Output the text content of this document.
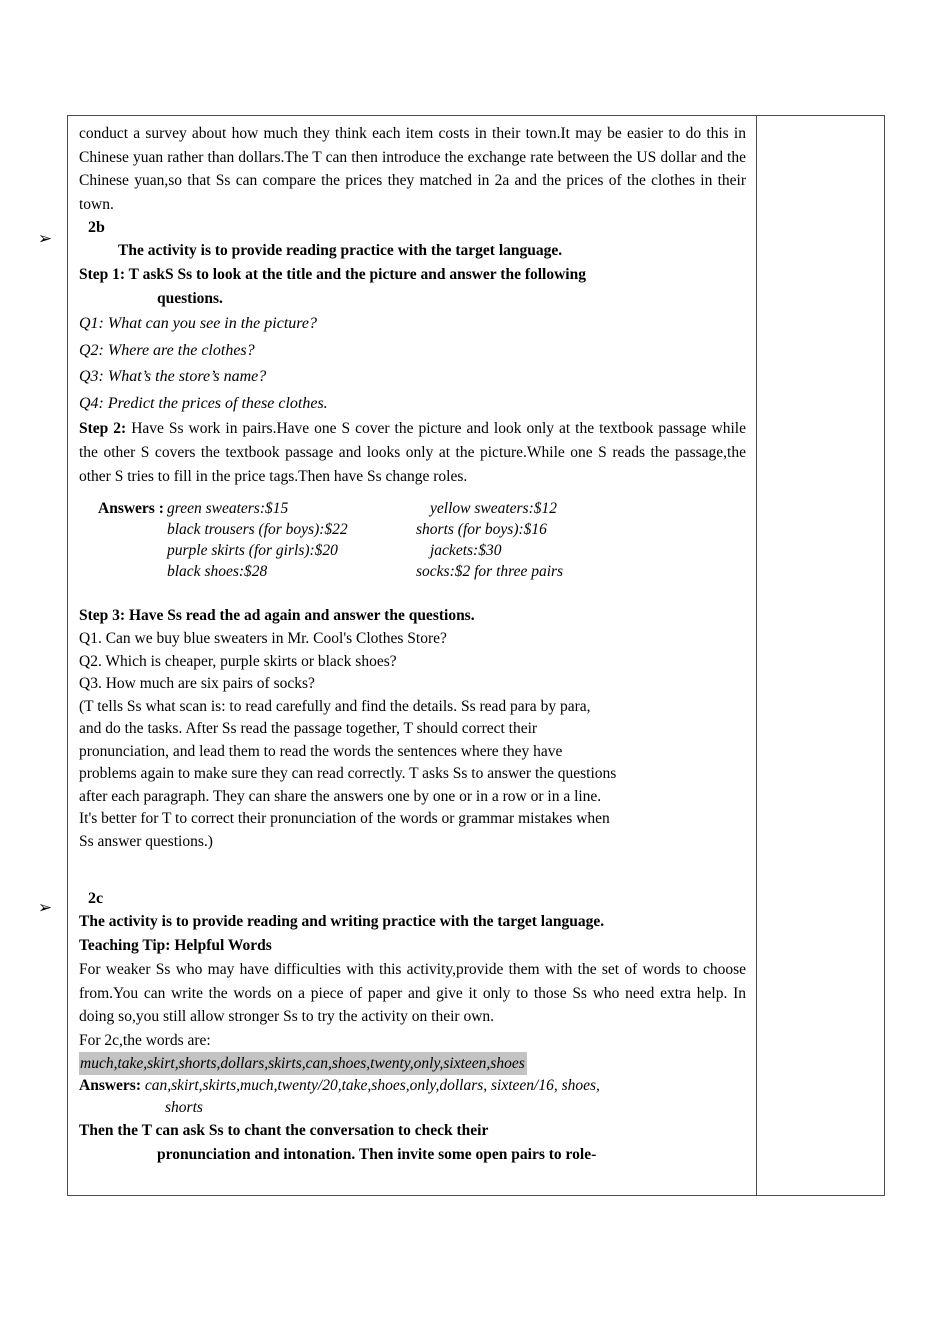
➢
➢

conduct a survey about how much they think each item costs in their town.It may be easier to do this in Chinese yuan rather than dollars.The T can then introduce the exchange rate between the US dollar and the Chinese yuan,so that Ss can compare the prices they matched in 2a and the prices of the clothes in their town.

2b

The activity is to provide reading practice with the target language.

Step 1: T askS Ss to look at the title and the picture and answer the following
questions.

Q1: What can you see in the picture?

Q2: Where are the clothes?

Q3: What’s the store’s name?

Q4: Predict the prices of these clothes.

Step 2: Have Ss work in pairs.Have one S cover the picture and look only at the textbook passage while the other S covers the textbook passage and looks only at the picture.While one S reads the passage,the other S tries to fill in the price tags.Then have Ss change roles.

Answers : green sweaters:$15	yellow sweaters:$12
black trousers (for boys):$22	shorts (for boys):$16
purple skirts (for girls):$20	jackets:$30
black shoes:$28	socks:$2 for three pairs

Step 3: Have Ss read the ad again and answer the questions.

Q1. Can we buy blue sweaters in Mr. Cool's Clothes Store?

Q2. Which is cheaper, purple skirts or black shoes?

Q3. How much are six pairs of socks?

(T tells Ss what scan is: to read carefully and find the details. Ss read para by para,

and do the tasks. After Ss read the passage together, T should correct their

pronunciation, and lead them to read the words the sentences where they have

problems again to make sure they can read correctly. T asks Ss to answer the questions

after each paragraph. They can share the answers one by one or in a row or in a line.

It's better for T to correct their pronunciation of the words or grammar mistakes when

Ss answer questions.)

2c

The activity is to provide reading and writing practice with the target language.

Teaching Tip: Helpful Words

For weaker Ss who may have difficulties with this activity,provide them with the set of words to choose from.You can write the words on a piece of paper and give it only to those Ss who need extra help. In doing so,you still allow stronger Ss to try the activity on their own.

For 2c,the words are:

much,take,skirt,shorts,dollars,skirts,can,shoes,twenty,only,sixteen,shoes

Answers: can,skirt,skirts,much,twenty/20,take,shoes,only,dollars, sixteen/16, shoes,
shorts

Then the T can ask Ss to chant the conversation to check their
pronunciation and intonation. Then invite some open pairs to role-
